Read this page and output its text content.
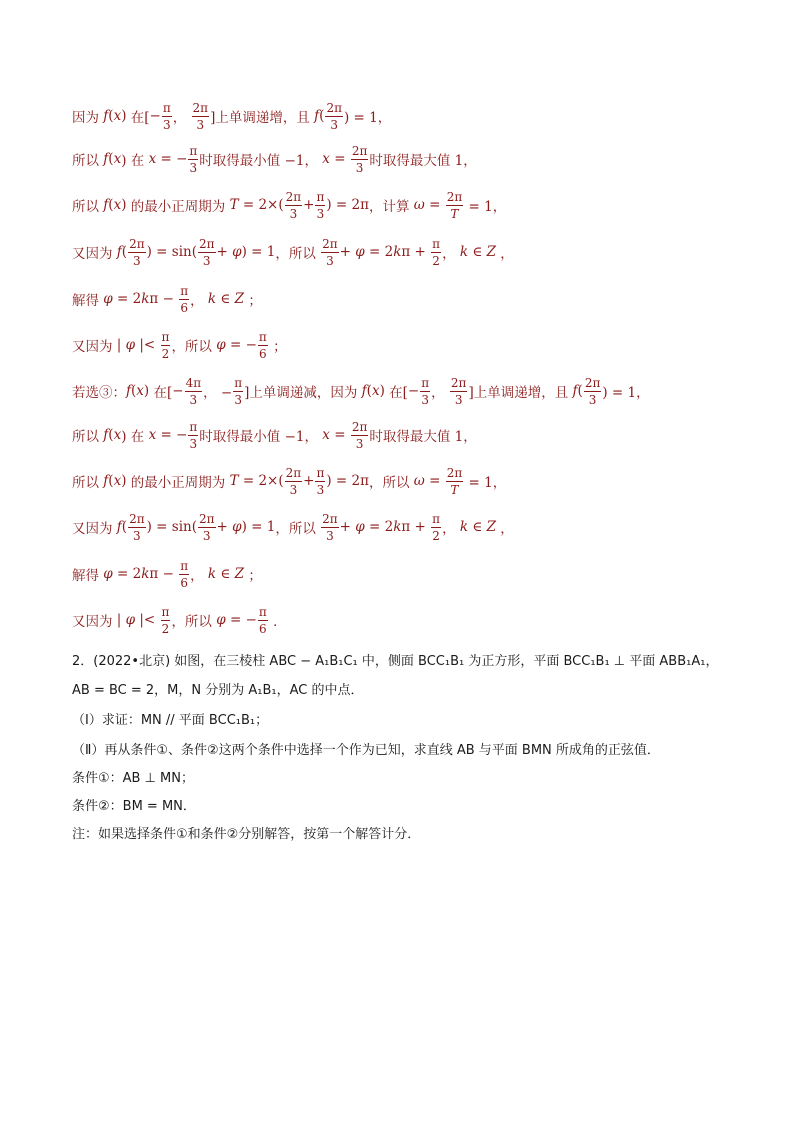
因为 f ( x ) 在[ − $\frac{\pi}{3}$ ， $\frac{2\pi}{3}$ ]上单调递增，且
f ( $\frac{2\pi}{3}$ ) = 1，
所以 f ( x ) 在 x = − $\frac{\pi}{3}$ 时取得最小值 −1， $x = \frac{2\pi}{3}$ 时取得最大值 1，
所以 f ( x ) 的最小正周期为
$T = 2\times( \frac{2\pi}{3} + \frac{\pi}{3}$ ) = 2π ，计算
$\omega = \frac{2\pi}{T} = 1$，
又因为 f ( $\frac{2\pi}{3}$ ) = $\sin( \frac{2\pi}{3} + \varphi$ ) = 1 ，所以
$\frac{2\pi}{3} + \varphi = 2$ k $\pi + \frac{\pi}{2}$ ， k ∈ Z ，
解得 φ = 2 k $\pi - \frac{\pi}{6}$ ， k ∈ Z ；
又因为 | φ |< $\frac{\pi}{2}$ ，所以
φ = − $\frac{\pi}{6}$ ；
若选③： f ( x ) 在[ − $\frac{4\pi}{3}$ ， − $\frac{\pi}{3}$ ]上单调递减，因为 f ( x ) 在[ − $\frac{\pi}{3}$ ， $\frac{2\pi}{3}$ ]上单调递增，且
f ( $\frac{2\pi}{3}$ ) = 1，
所以 f ( x ) 在 x = − $\frac{\pi}{3}$ 时取得最小值 −1， $x = \frac{2\pi}{3}$ 时取得最大值 1，
所以 f ( x ) 的最小正周期为
$T = 2\times( \frac{2\pi}{3} + \frac{\pi}{3}$ ) = 2π ，所以
$\omega = \frac{2\pi}{T} = 1$，
又因为 f ( $\frac{2\pi}{3}$ ) = $\sin( \frac{2\pi}{3} + \varphi$ ) = 1 ，所以
$\frac{2\pi}{3} + \varphi = 2$ k $\pi + \frac{\pi}{2}$ ， k ∈ Z ，
解得 φ = 2 k $\pi - \frac{\pi}{6}$ ， k ∈ Z ；
又因为 | φ |< $\frac{\pi}{2}$ ，所以
φ = − $\frac{\pi}{6}$ ．
2．(2022•北京) 如图，在三棱柱 ABC − A₁B₁C₁ 中，侧面 BCC₁B₁ 为正方形，平面 BCC₁B₁ ⊥ 平面 ABB₁A₁，
AB = BC = 2，M，N 分别为 A₁B₁，AC 的中点．
（Ⅰ）求证：MN // 平面 BCC₁B₁；
（Ⅱ）再从条件①、条件②这两个条件中选择一个作为已知，求直线 AB 与平面 BMN 所成角的正弦值．
条件①：AB ⊥ MN；
条件②：BM = MN．
注：如果选择条件①和条件②分别解答，按第一个解答计分．
